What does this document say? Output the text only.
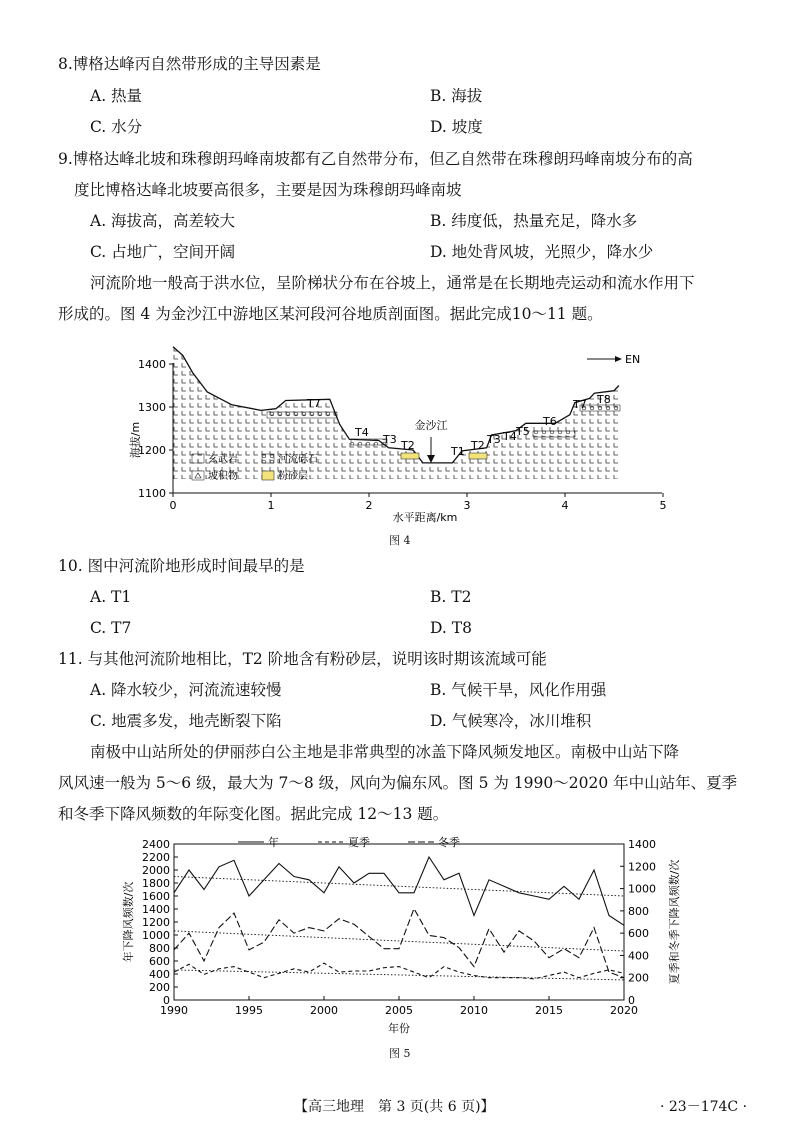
8.博格达峰丙自然带形成的主导因素是
A. 热量	B. 海拔
C. 水分	D. 坡度
9.博格达峰北坡和珠穆朗玛峰南坡都有乙自然带分布，但乙自然带在珠穆朗玛峰南坡分布的高
度比博格达峰北坡要高很多，主要是因为珠穆朗玛峰南坡
A. 海拔高，高差较大	B. 纬度低，热量充足，降水多
C. 占地广，空间开阔	D. 地处背风坡，光照少，降水少
河流阶地一般高于洪水位，呈阶梯状分布在谷坡上，通常是在长期地壳运动和流水作用下
形成的。图 4 为金沙江中游地区某河段河谷地质剖面图。据此完成10～11 题。
1400
1300
1200
1100
0	1	2	3	4	5
海拔/m
水平距离/km
金沙江
EN
T7
T4
T3 T2	T1 T2 T3 T4 T5
T6
T7 T8
玄武岩	河流砾石
坡积物	粉砂层
图 4
10. 图中河流阶地形成时间最早的是
A. T1	B. T2
C. T7	D. T8
11. 与其他河流阶地相比，T2 阶地含有粉砂层，说明该时期该流域可能
A. 降水较少，河流流速较慢	B. 气候干旱，风化作用强
C. 地震多发，地壳断裂下陷	D. 气候寒冷，冰川堆积
南极中山站所处的伊丽莎白公主地是非常典型的冰盖下降风频发地区。南极中山站下降
风风速一般为 5～6 级，最大为 7～8 级，风向为偏东风。图 5 为 1990～2020 年中山站年、夏季
和冬季下降风频数的年际变化图。据此完成 12～13 题。
2400
2200
2000
1800
1600
1400
1200
1000
800
600
400
200
0
1400
1200
1000
800
600
400
200
0
1990	1995	2000	2005	2010	2015	2020
年下降风频数/次	夏季和冬季下降风频数/次
年份
年	夏季	冬季
图 5
【高三地理　第 3 页(共 6 页)】	· 23－174C ·
